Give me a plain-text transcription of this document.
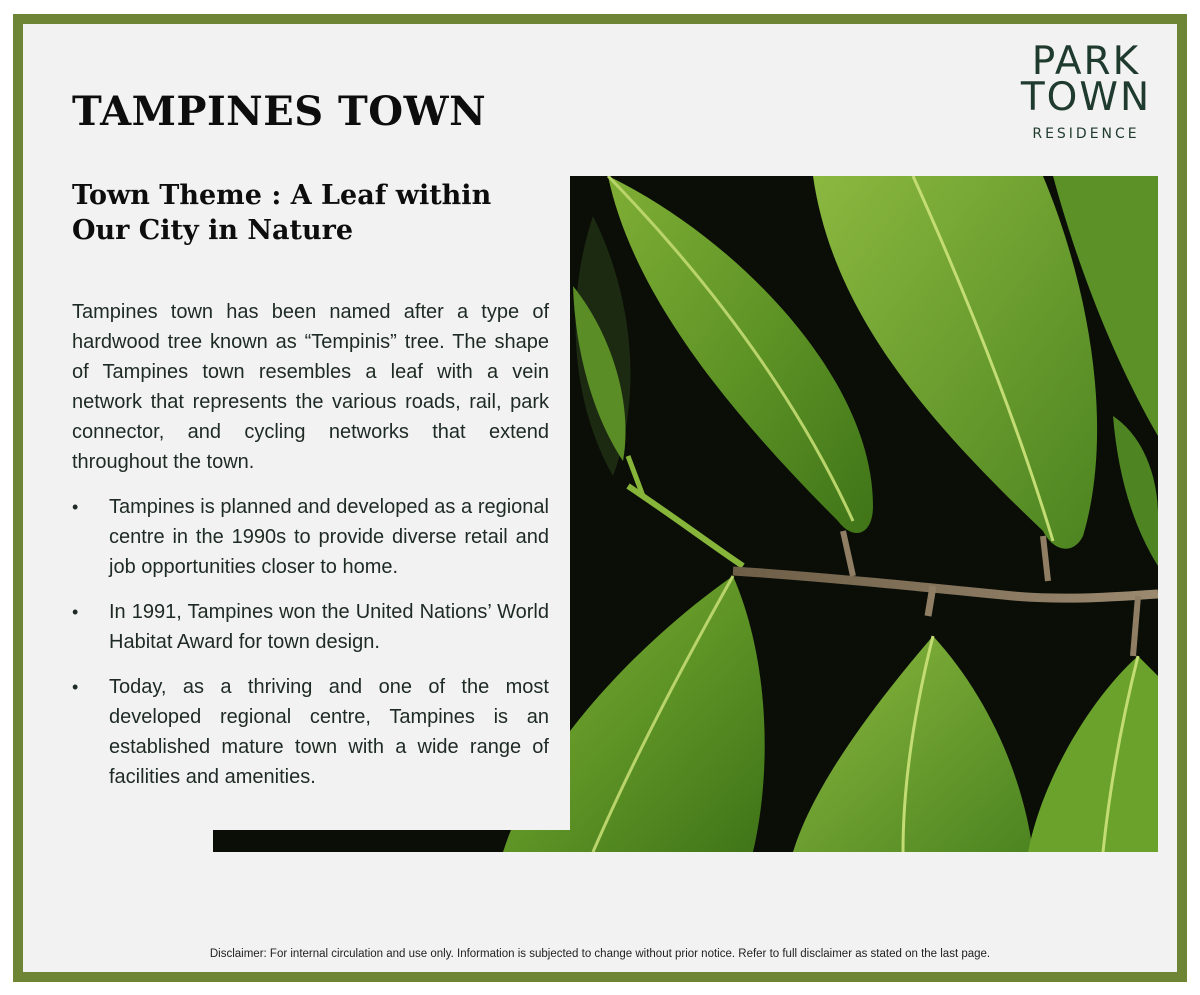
TAMPINES TOWN
PARK
TOWN
RESIDENCE
Town Theme : A Leaf within Our City in Nature

Tampines town has been named after a type of hardwood tree known as “Tempinis” tree. The shape of Tampines town resembles a leaf with a vein network that represents the various roads, rail, park connector, and cycling networks that extend throughout the town.

• Tampines is planned and developed as a regional centre in the 1990s to provide diverse retail and job opportunities closer to home.
• In 1991, Tampines won the United Nations’ World Habitat Award for town design.
• Today, as a thriving and one of the most developed regional centre, Tampines is an established mature town with a wide range of facilities and amenities.
Disclaimer: For internal circulation and use only. Information is subjected to change without prior notice. Refer to full disclaimer as stated on the last page.
